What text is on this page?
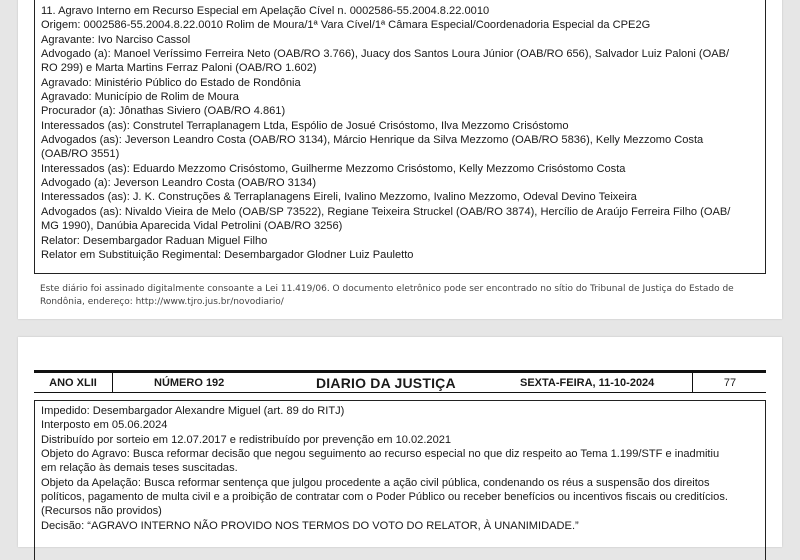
11. Agravo Interno em Recurso Especial em Apelação Cível n. 0002586-55.2004.8.22.0010
Origem: 0002586-55.2004.8.22.0010 Rolim de Moura/1ª Vara Cível/1ª Câmara Especial/Coordenadoria Especial da CPE2G
Agravante: Ivo Narciso Cassol
Advogado (a): Manoel Veríssimo Ferreira Neto (OAB/RO 3.766), Juacy dos Santos Loura Júnior (OAB/RO 656), Salvador Luiz Paloni (OAB/
RO 299) e Marta Martins Ferraz Paloni (OAB/RO 1.602)
Agravado: Ministério Público do Estado de Rondônia
Agravado: Município de Rolim de Moura
Procurador (a): Jônathas Siviero (OAB/RO 4.861)
Interessados (as): Construtel Terraplanagem Ltda, Espólio de Josué Crisóstomo, Ilva Mezzomo Crisóstomo
Advogados (as): Jeverson Leandro Costa (OAB/RO 3134), Márcio Henrique da Silva Mezzomo (OAB/RO 5836), Kelly Mezzomo Costa
(OAB/RO 3551)
Interessados (as): Eduardo Mezzomo Crisóstomo, Guilherme Mezzomo Crisóstomo, Kelly Mezzomo Crisóstomo Costa
Advogado (a): Jeverson Leandro Costa (OAB/RO 3134)
Interessados (as): J. K. Construções & Terraplanagens Eireli, Ivalino Mezzomo, Ivalino Mezzomo, Odeval Devino Teixeira
Advogados (as): Nivaldo Vieira de Melo (OAB/SP 73522), Regiane Teixeira Struckel (OAB/RO 3874), Hercílio de Araújo Ferreira Filho (OAB/
MG 1990), Danúbia Aparecida Vidal Petrolini (OAB/RO 3256)
Relator: Desembargador Raduan Miguel Filho
Relator em Substituição Regimental: Desembargador Glodner Luiz Pauletto
Este diário foi assinado digitalmente consoante a Lei 11.419/06. O documento eletrônico pode ser encontrado no sítio do Tribunal de Justiça do Estado de
Rondônia, endereço: http://www.tjro.jus.br/novodiario/
ANO XLII	NÚMERO 192	DIARIO DA JUSTIÇA	SEXTA-FEIRA, 11-10-2024	77
Impedido: Desembargador Alexandre Miguel (art. 89 do RITJ)
Interposto em 05.06.2024
Distribuído por sorteio em 12.07.2017 e redistribuído por prevenção em 10.02.2021
Objeto do Agravo: Busca reformar decisão que negou seguimento ao recurso especial no que diz respeito ao Tema 1.199/STF e inadmitiu
em relação às demais teses suscitadas.
Objeto da Apelação: Busca reformar sentença que julgou procedente a ação civil pública, condenando os réus a suspensão dos direitos
políticos, pagamento de multa civil e a proibição de contratar com o Poder Público ou receber benefícios ou incentivos fiscais ou creditícios.
(Recursos não providos)
Decisão: “AGRAVO INTERNO NÃO PROVIDO NOS TERMOS DO VOTO DO RELATOR, À UNANIMIDADE.”
